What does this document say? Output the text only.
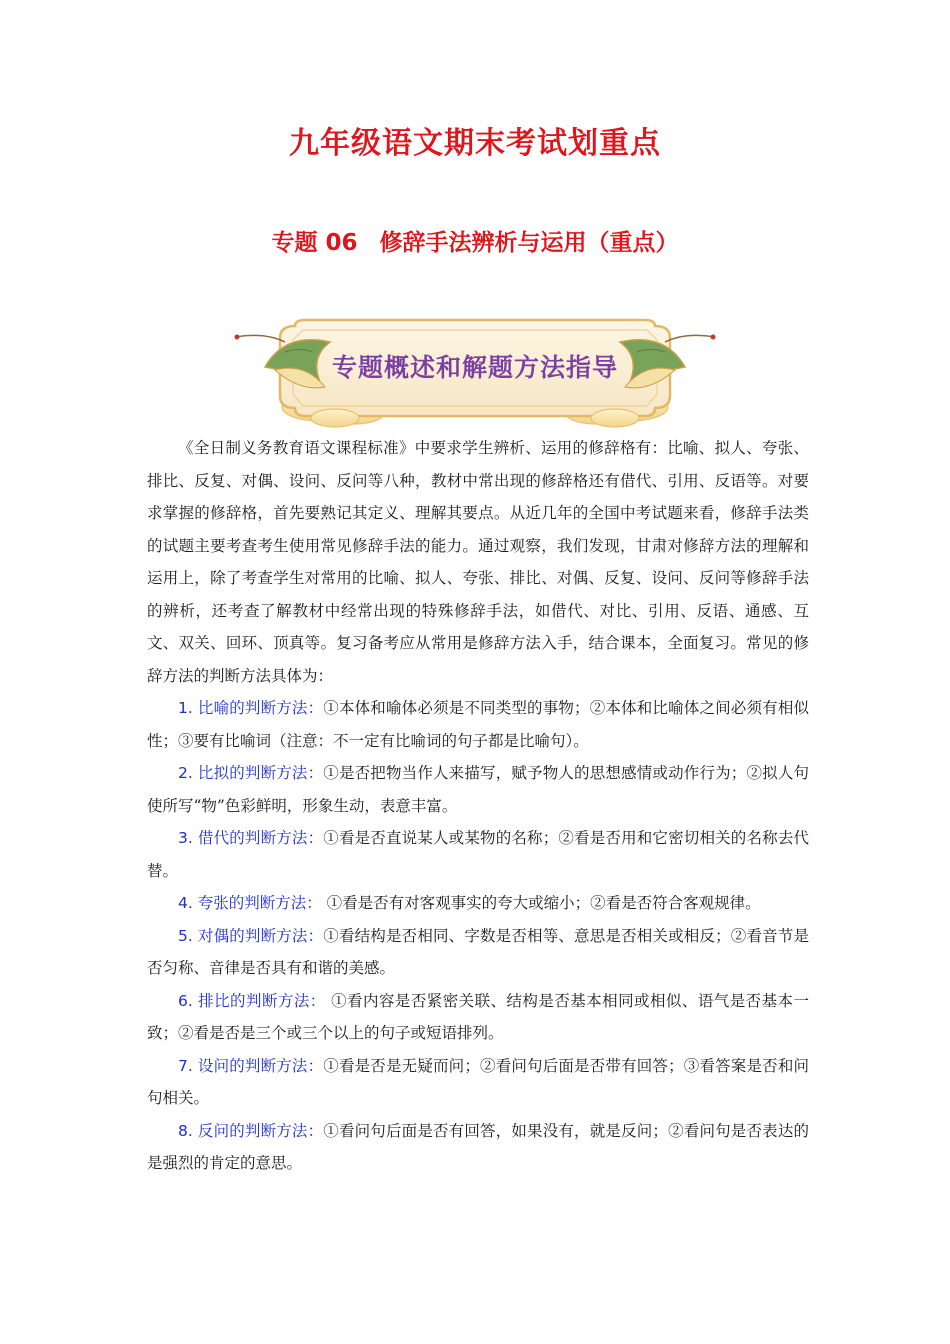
九年级语文期末考试划重点
专题 06 修辞手法辨析与运用（重点）
专题概述和解题方法指导

《全日制义务教育语文课程标准》中要求学生辨析、运用的修辞格有：比喻、拟人、夸张、排比、反复、对偶、设问、反问等八种，教材中常出现的修辞格还有借代、引用、反语等。对要求掌握的修辞格，首先要熟记其定义、理解其要点。从近几年的全国中考试题来看，修辞手法类的试题主要考查考生使用常见修辞手法的能力。通过观察，我们发现，甘肃对修辞方法的理解和运用上，除了考查学生对常用的比喻、拟人、夸张、排比、对偶、反复、设问、反问等修辞手法的辨析，还考查了解教材中经常出现的特殊修辞手法，如借代、对比、引用、反语、通感、互文、双关、回环、顶真等。复习备考应从常用是修辞方法入手，结合课本，全面复习。常见的修辞方法的判断方法具体为：

1. 比喻的判断方法：①本体和喻体必须是不同类型的事物；②本体和比喻体之间必须有相似性；③要有比喻词（注意：不一定有比喻词的句子都是比喻句）。

2. 比拟的判断方法：①是否把物当作人来描写，赋予物人的思想感情或动作行为；②拟人句使所写“物”色彩鲜明，形象生动，表意丰富。

3. 借代的判断方法：①看是否直说某人或某物的名称；②看是否用和它密切相关的名称去代替。

4. 夸张的判断方法： ①看是否有对客观事实的夸大或缩小；②看是否符合客观规律。

5. 对偶的判断方法：①看结构是否相同、字数是否相等、意思是否相关或相反；②看音节是否匀称、音律是否具有和谐的美感。

6. 排比的判断方法： ①看内容是否紧密关联、结构是否基本相同或相似、语气是否基本一致；②看是否是三个或三个以上的句子或短语排列。

7. 设问的判断方法：①看是否是无疑而问；②看问句后面是否带有回答；③看答案是否和问句相关。

8. 反问的判断方法：①看问句后面是否有回答，如果没有，就是反问；②看问句是否表达的是强烈的肯定的意思。
